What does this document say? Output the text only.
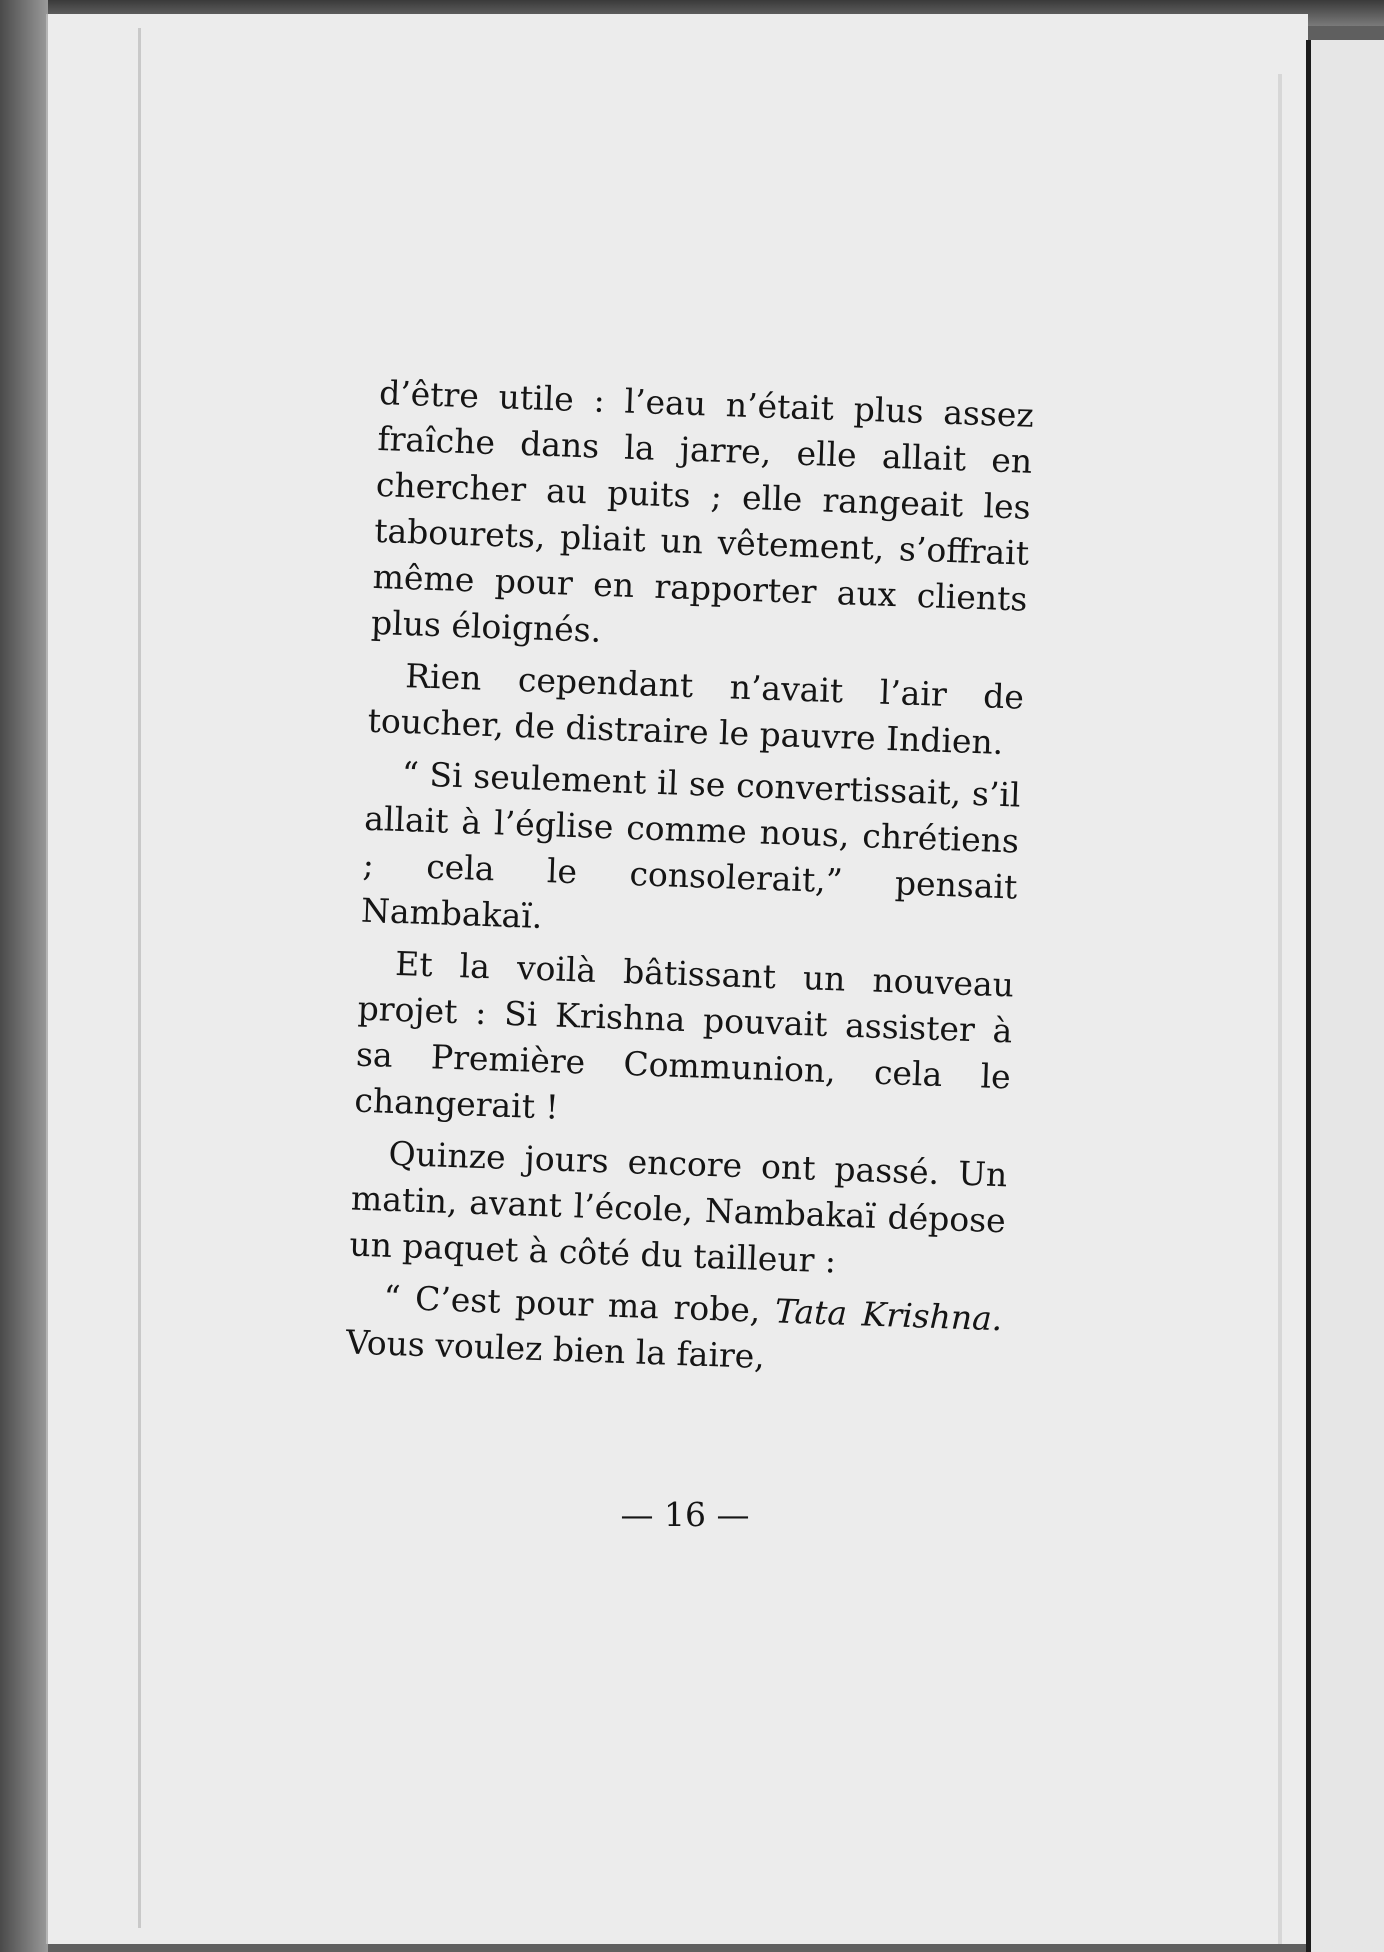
d’être utile : l’eau n’était plus assez fraîche dans la jarre, elle allait en chercher au puits ; elle rangeait les tabourets, pliait un vêtement, s’offrait même pour en rapporter aux clients plus éloignés.

Rien cependant n’avait l’air de toucher, de distraire le pauvre Indien.

“ Si seulement il se convertissait, s’il allait à l’église comme nous, chrétiens ; cela le consolerait,” pensait Nambakaï.

Et la voilà bâtissant un nouveau projet : Si Krishna pouvait assister à sa Première Communion, cela le changerait !

Quinze jours encore ont passé. Un matin, avant l’école, Nambakaï dépose un paquet à côté du tailleur :

“ C’est pour ma robe, Tata Krishna. Vous voulez bien la faire,

— 16 —
